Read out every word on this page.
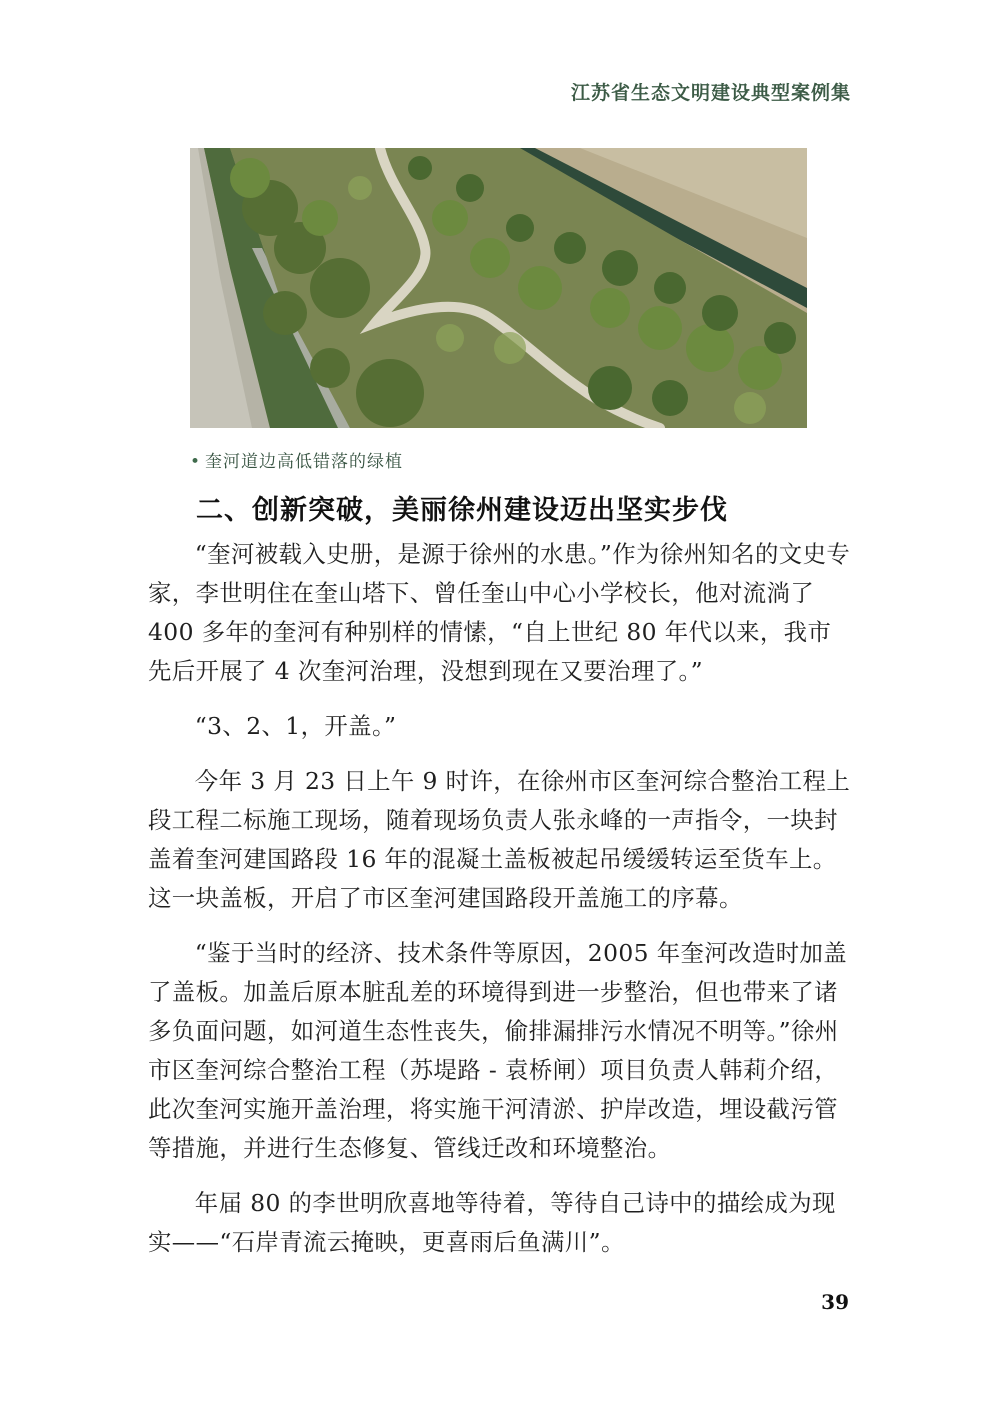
江苏省生态文明建设典型案例集
• 奎河道边高低错落的绿植
二、创新突破，美丽徐州建设迈出坚实步伐

“奎河被载入史册，是源于徐州的水患。”作为徐州知名的文史专家，李世明住在奎山塔下、曾任奎山中心小学校长，他对流淌了400 多年的奎河有种别样的情愫，“自上世纪 80 年代以来，我市先后开展了 4 次奎河治理，没想到现在又要治理了。”

“3、2、1，开盖。”

今年 3 月 23 日上午 9 时许，在徐州市区奎河综合整治工程上段工程二标施工现场，随着现场负责人张永峰的一声指令，一块封盖着奎河建国路段 16 年的混凝土盖板被起吊缓缓转运至货车上。这一块盖板，开启了市区奎河建国路段开盖施工的序幕。

“鉴于当时的经济、技术条件等原因，2005 年奎河改造时加盖了盖板。加盖后原本脏乱差的环境得到进一步整治，但也带来了诸多负面问题，如河道生态性丧失，偷排漏排污水情况不明等。”徐州市区奎河综合整治工程（苏堤路 - 袁桥闸）项目负责人韩莉介绍，此次奎河实施开盖治理，将实施干河清淤、护岸改造，埋设截污管等措施，并进行生态修复、管线迁改和环境整治。

年届 80 的李世明欣喜地等待着，等待自己诗中的描绘成为现实——“石岸青流云掩映，更喜雨后鱼满川”。

39
